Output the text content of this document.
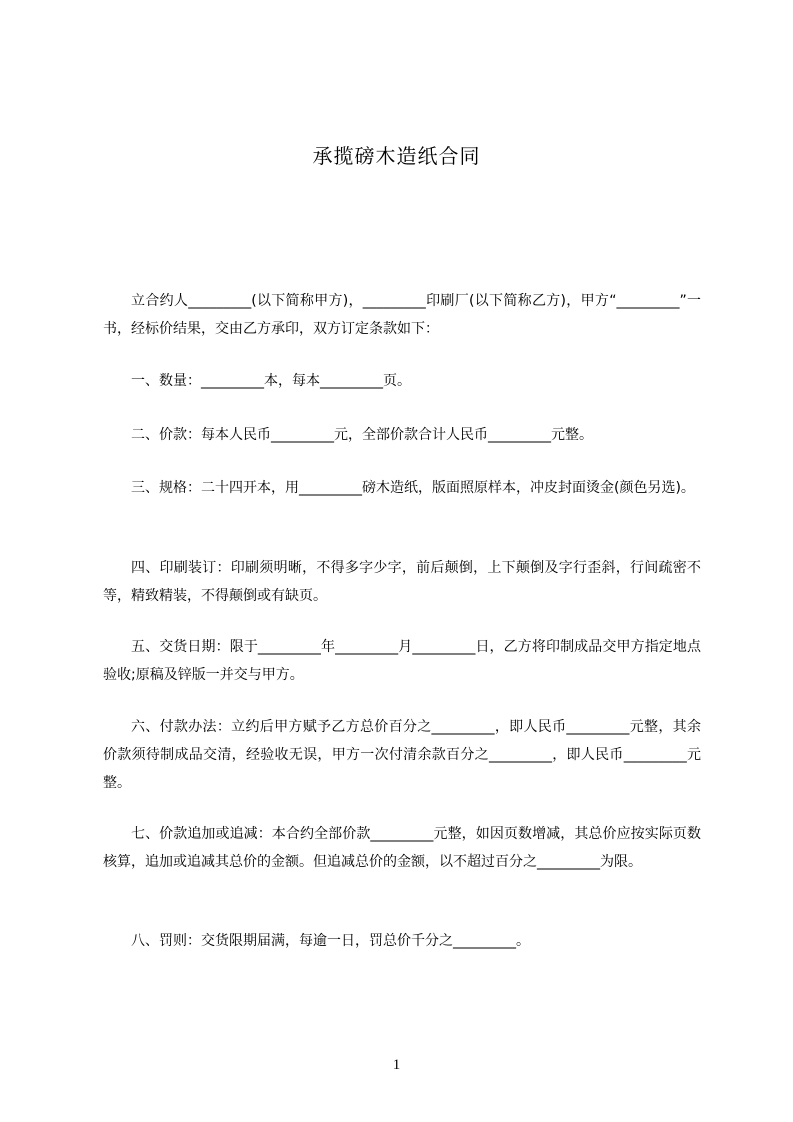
承揽磅木造纸合同

立合约人_________(以下简称甲方)，_________印刷厂(以下简称乙方)，甲方“_________”一书，经标价结果，交由乙方承印，双方订定条款如下：

一、数量：_________本，每本_________页。

二、价款：每本人民币_________元，全部价款合计人民币_________元整。

三、规格：二十四开本，用_________磅木造纸，版面照原样本，冲皮封面烫金(颜色另选)。

四、印刷装订：印刷须明晰，不得多字少字，前后颠倒，上下颠倒及字行歪斜，行间疏密不等，精致精装，不得颠倒或有缺页。

五、交货日期：限于_________年_________月_________日，乙方将印制成品交甲方指定地点验收;原稿及锌版一并交与甲方。

六、付款办法：立约后甲方赋予乙方总价百分之_________，即人民币_________元整，其余价款须待制成品交清，经验收无误，甲方一次付清余款百分之_________，即人民币_________元整。

七、价款追加或追减：本合约全部价款_________元整，如因页数增减，其总价应按实际页数核算，追加或追减其总价的金额。但追减总价的金额，以不超过百分之_________为限。

八、罚则：交货限期届满，每逾一日，罚总价千分之_________。

1
